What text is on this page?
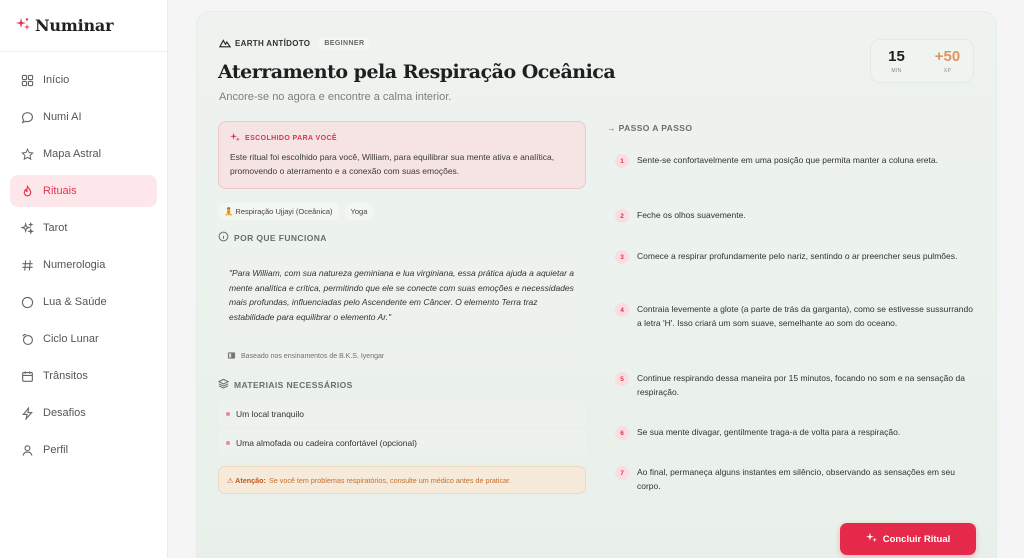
Numinar
Início
Numi AI
Mapa Astral
Rituais
Tarot
Numerologia
Lua & Saúde
Ciclo Lunar
Trânsitos
Desafios
Perfil
EARTH ANTÍDOTO	BEGINNER
Aterramento pela Respiração Oceânica

Ancore-se no agora e encontre a calma interior.

15
MIN
+50
XP
ESCOLHIDO PARA VOCÊ

Este ritual foi escolhido para você, William, para equilibrar sua mente ativa e analítica, promovendo o aterramento e a conexão com suas emoções.

🧘 Respiração Ujjayi (Oceânica)	Yoga
POR QUE FUNCIONA
"Para William, com sua natureza geminiana e lua virginiana, essa prática ajuda a aquietar a mente analítica e crítica, permitindo que ele se conecte com suas emoções e necessidades mais profundas, influenciadas pelo Ascendente em Câncer. O elemento Terra traz estabilidade para equilibrar o elemento Ar."
Baseado nos ensinamentos de B.K.S. Iyengar
MATERIAIS NECESSÁRIOS
Um local tranquilo
Uma almofada ou cadeira confortável (opcional)
⚠ Atenção: Se você tem problemas respiratórios, consulte um médico antes de praticar.
→ PASSO A PASSO
1	Sente-se confortavelmente em uma posição que permita manter a coluna ereta.
2	Feche os olhos suavemente.
3	Comece a respirar profundamente pelo nariz, sentindo o ar preencher seus pulmões.
4	Contraia levemente a glote (a parte de trás da garganta), como se estivesse sussurrando a letra 'H'. Isso criará um som suave, semelhante ao som do oceano.
5	Continue respirando dessa maneira por 15 minutos, focando no som e na sensação da respiração.
6	Se sua mente divagar, gentilmente traga-a de volta para a respiração.
7	Ao final, permaneça alguns instantes em silêncio, observando as sensações em seu corpo.
Concluir Ritual
